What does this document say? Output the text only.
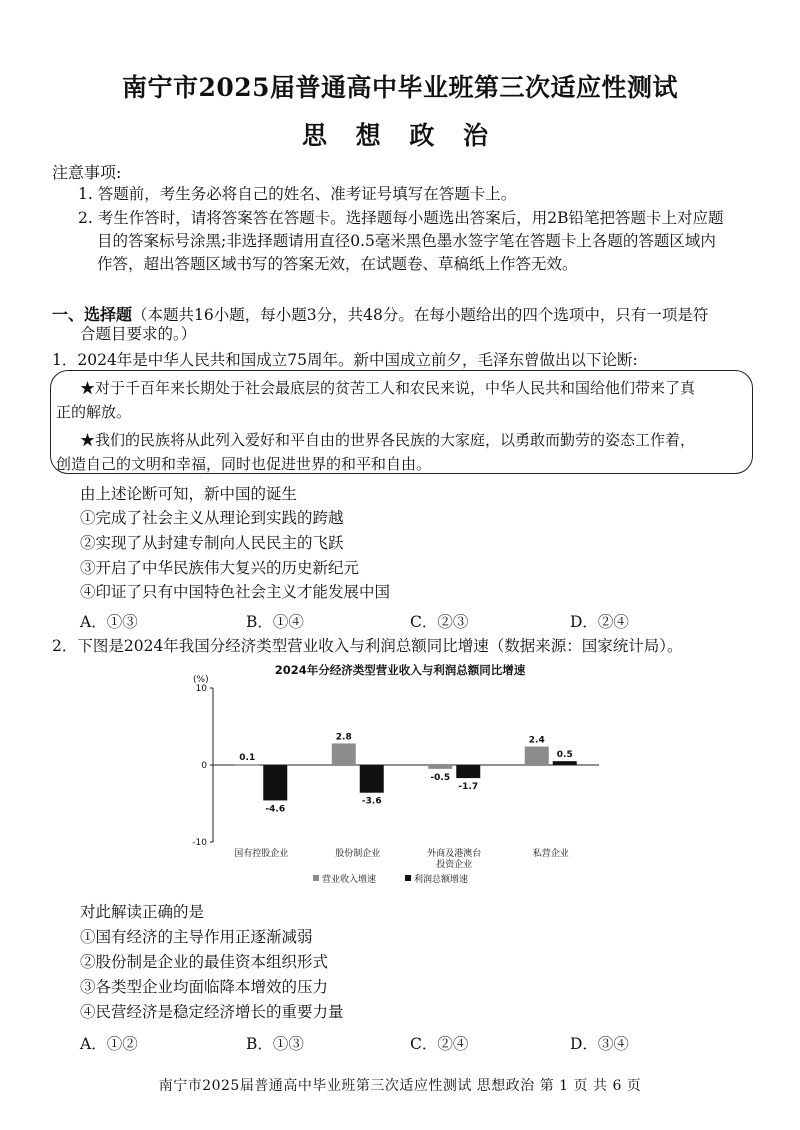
南宁市2025届普通高中毕业班第三次适应性测试
思 想 政 治
注意事项:
1. 答题前，考生务必将自己的姓名、准考证号填写在答题卡上。
2. 考生作答时，请将答案答在答题卡。选择题每小题选出答案后，用2B铅笔把答题卡上对应题
目的答案标号涂黑;非选择题请用直径0.5毫米黑色墨水签字笔在答题卡上各题的答题区域内
作答，超出答题区域书写的答案无效，在试题卷、草稿纸上作答无效。
一、选择题（本题共16小题，每小题3分，共48分。在每小题给出的四个选项中，只有一项是符
合题目要求的。）
1．2024年是中华人民共和国成立75周年。新中国成立前夕，毛泽东曾做出以下论断:
★对于千百年来长期处于社会最底层的贫苦工人和农民来说，中华人民共和国给他们带来了真
正的解放。
★我们的民族将从此列入爱好和平自由的世界各民族的大家庭，以勇敢而勤劳的姿态工作着，
创造自己的文明和幸福，同时也促进世界的和平和自由。
由上述论断可知，新中国的诞生
①完成了社会主义从理论到实践的跨越
②实现了从封建专制向人民民主的飞跃
③开启了中华民族伟大复兴的历史新纪元
④印证了只有中国特色社会主义才能发展中国
A．①③	B．①④	C．②③	D．②④
2．下图是2024年我国分经济类型营业收入与利润总额同比增速（数据来源：国家统计局）。
2024年分经济类型营业收入与利润总额同比增速
(%)
10
0
-10
0.1
-4.6
2.8
-3.6
-0.5
-1.7
2.4
0.5
国有控股企业	股份制企业	外商及港澳台
投资企业
私营企业
营业收入增速	利润总额增速
对此解读正确的是
①国有经济的主导作用正逐渐减弱
②股份制是企业的最佳资本组织形式
③各类型企业均面临降本增效的压力
④民营经济是稳定经济增长的重要力量
A．①②	B．①③	C．②④	D．③④
南宁市2025届普通高中毕业班第三次适应性测试 思想政治 第 1 页 共 6 页
